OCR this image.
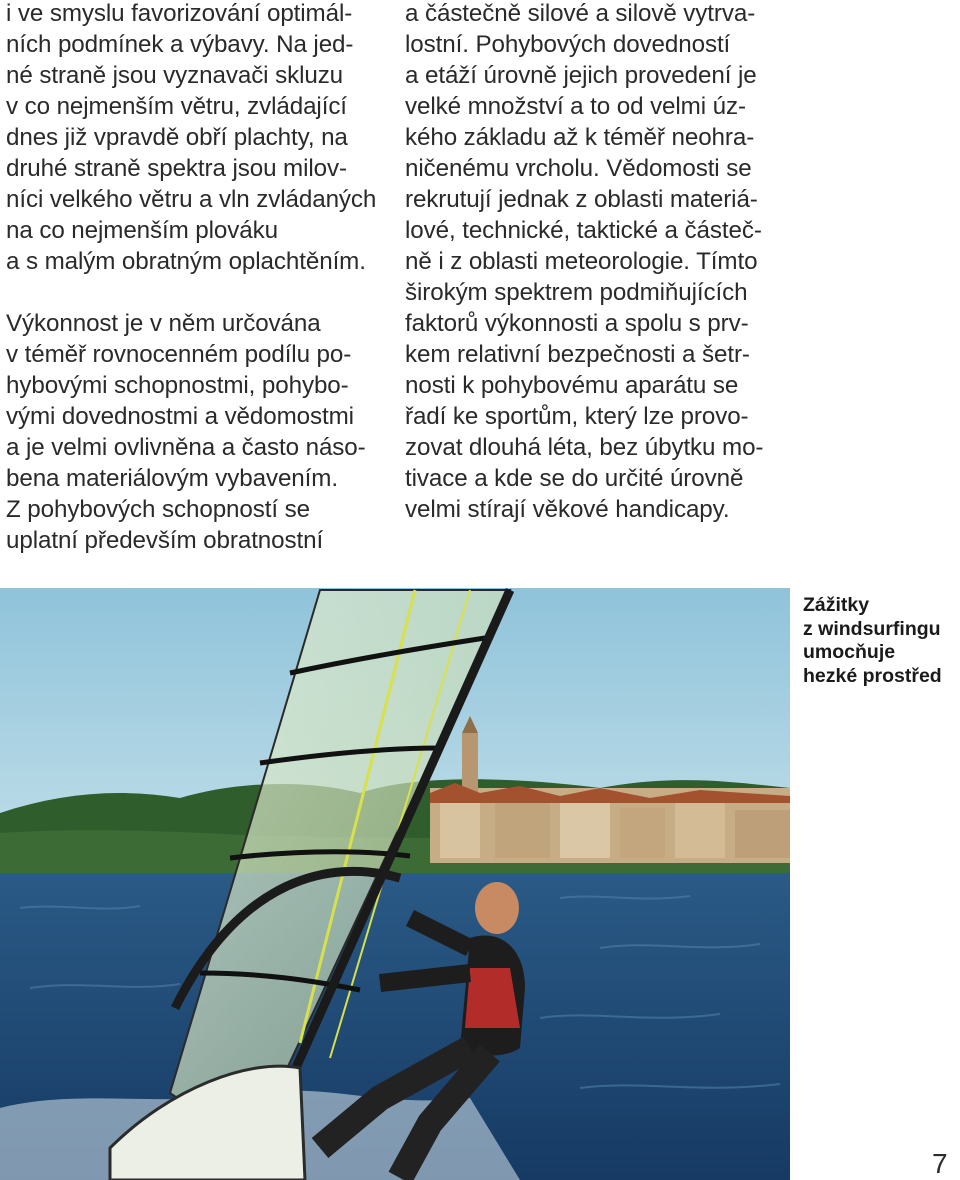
i ve smyslu favorizování optimál-
ních podmínek a výbavy. Na jed-
né straně jsou vyznavači skluzu
v co nejmenším větru, zvládající
dnes již vpravdě obří plachty, na
druhé straně spektra jsou milov-
níci velkého větru a vln zvládaných
na co nejmenším plováku
a s malým obratným oplachtěním.
Výkonnost je v něm určována
v téměř rovnocenném podílu po-
hybovými schopnostmi, pohybo-
vými dovednostmi a vědomostmi
a je velmi ovlivněna a často náso-
bena materiálovým vybavením.
Z pohybových schopností se
uplatní především obratnostní
a částečně silové a silově vytrva-
lostní. Pohybových dovedností
a etáží úrovně jejich provedení je
velké množství a to od velmi úz-
kého základu až k téměř neohra-
ničenému vrcholu. Vědomosti se
rekrutují jednak z oblasti materiá-
lové, technické, taktické a částeč-
ně i z oblasti meteorologie. Tímto
širokým spektrem podmiňujících
faktorů výkonnosti a spolu s prv-
kem relativní bezpečnosti a šetr-
nosti k pohybovému aparátu se
řadí ke sportům, který lze provo-
zovat dlouhá léta, bez úbytku mo-
tivace a kde se do určité úrovně
velmi stírají věkové handicapy.
Zážitky
z windsurfingu
umocňuje
hezké prostřed
7
